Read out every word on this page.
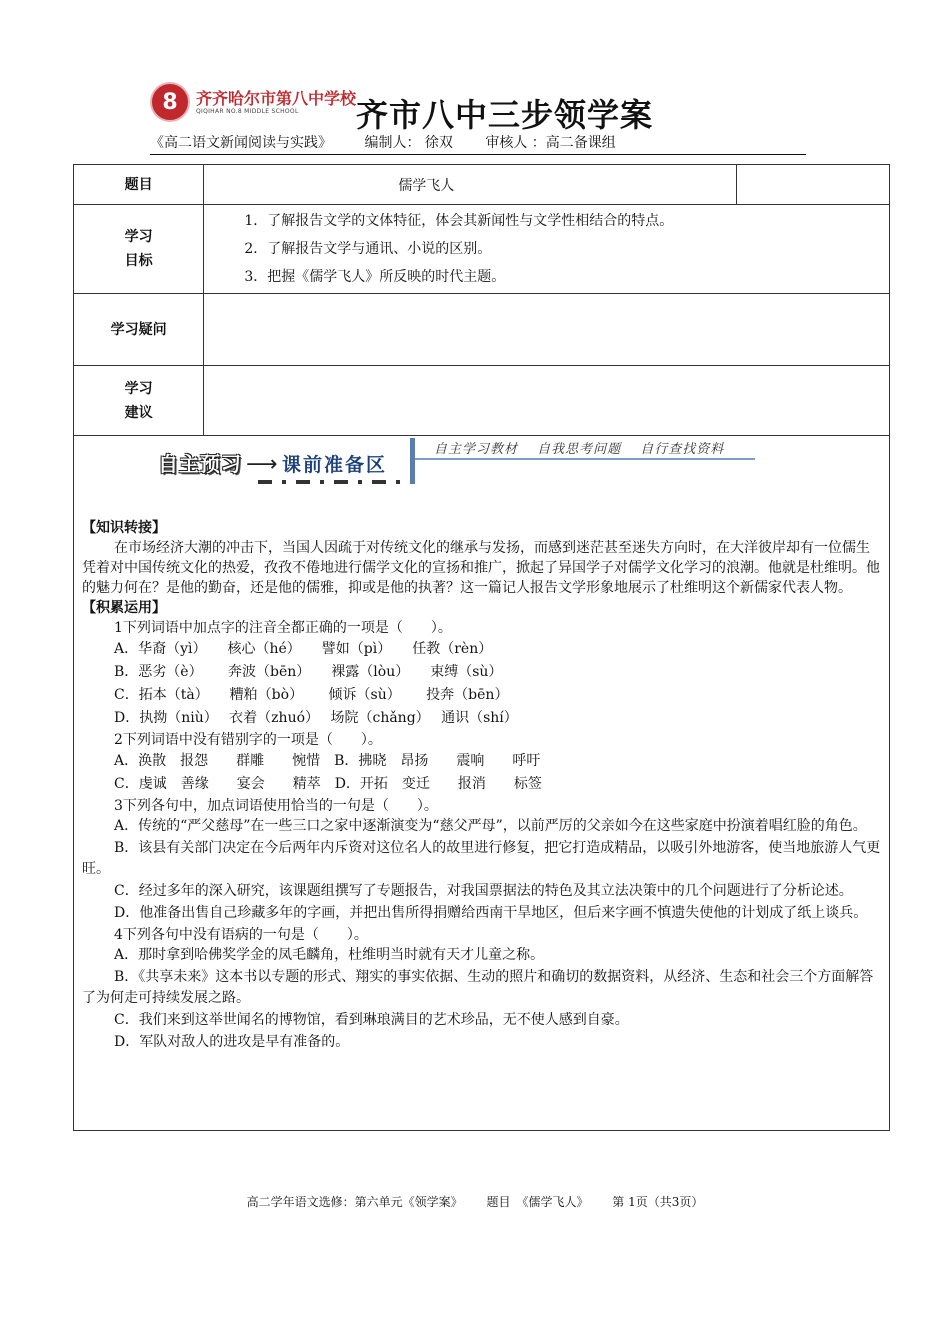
8	齐齐哈尔市第八中学校
QIQIHAR NO.8 MIDDLE SCHOOL	齐市八中三步领学案
《高二语文新闻阅读与实践》 编制人： 徐双 审核人 ：高二备课组
题目	儒学飞人	

学习目标	1．了解报告文学的文体特征，体会其新闻性与文学性相结合的特点。
2．了解报告文学与通讯、小说的区别。
3．把握《儒学飞人》所反映的时代主题。	

学习疑问		

学习建议		

自主预习 ⟶ 课前准备区
自主学习教材 自我思考问题 自行查找资料

【知识转接】

在市场经济大潮的冲击下，当国人因疏于对传统文化的继承与发扬，而感到迷茫甚至迷失方向时，在大洋彼岸却有一位儒生凭着对中国传统文化的热爱，孜孜不倦地进行儒学文化的宣扬和推广，掀起了异国学子对儒学文化学习的浪潮。他就是杜维明。他的魅力何在？是他的勤奋，还是他的儒雅，抑或是他的执著？这一篇记人报告文学形象地展示了杜维明这个新儒家代表人物。

【积累运用】

1下列词语中加点字的注音全都正确的一项是（　　）。

A．华裔（yì）　　核心（hé）　　譬如（pì）　　任教（rèn）

B．恶劣（è）　　 奔波（bēn）　　裸露（lòu）　　束缚（sù）

C．拓本（tà）　　糟粕（bò）　　 倾诉（sù）　　 投奔（bēn）

D．执拗（niù）　 衣着（zhuó）　 场院（chǎng）　 通识（shí）

2下列词语中没有错别字的一项是（　　）。

A．涣散　报怨　　群雕　　惋惜　B．拂晓　昂扬　　震响　　呼吁

C．虔诚　善缘　　宴会　　精萃　D．开拓　变迁　　报消　　标签

3下列各句中，加点词语使用恰当的一句是（　　）。

A．传统的“严父慈母”在一些三口之家中逐渐演变为“慈父严母”，以前严厉的父亲如今在这些家庭中扮演着唱红脸的角色。

B．该县有关部门决定在今后两年内斥资对这位名人的故里进行修复，把它打造成精品，以吸引外地游客，使当地旅游人气更旺。

C．经过多年的深入研究，该课题组撰写了专题报告，对我国票据法的特色及其立法决策中的几个问题进行了分析论述。

D．他准备出售自己珍藏多年的字画，并把出售所得捐赠给西南干旱地区，但后来字画不慎遗失使他的计划成了纸上谈兵。

4下列各句中没有语病的一句是（　　）。

A．那时拿到哈佛奖学金的凤毛麟角，杜维明当时就有天才儿童之称。

B．《共享未来》这本书以专题的形式、翔实的事实依据、生动的照片和确切的数据资料，从经济、生态和社会三个方面解答了为何走可持续发展之路。

C．我们来到这举世闻名的博物馆，看到琳琅满目的艺术珍品，无不使人感到自豪。

D．军队对敌人的进攻是早有准备的。

高二学年语文选修：第六单元《领学案》 题目　《儒学飞人》 第 1页（共3页）
